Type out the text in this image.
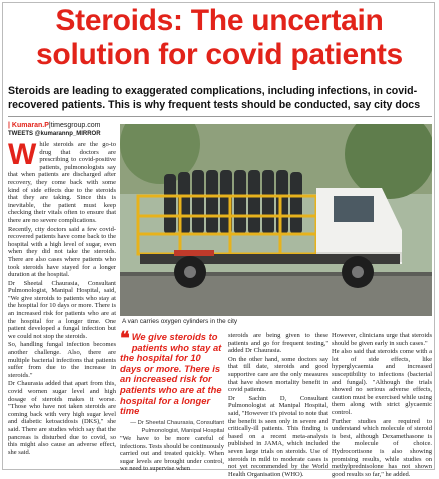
Steroids: The uncertain
solution for covid patients

Steroids are leading to exaggerated complications, including infections, in covid-recovered patients. This is why frequent tests should be conducted, say city docs

| Kumaran.P|timesgroup.com
TWEETS @kumarannp_MIRROR

While steroids are the go-to drug that doctors are prescribing to covid-positive patients, pulmonologists say that when patients are discharged after recovery, they come back with some kind of side effects due to the steroids that they are taking. Since this is inevitable, the patient must keep checking their vitals often to ensure that there are no severe complications.

Recently, city doctors said a few covid-recovered patients have come back to the hospital with a high level of sugar, even when they did not take the steroids. There are also cases where patients who took steroids have stayed for a longer duration at the hospital.

Dr Sheetal Chaurasia, Consultant Pulmonologist, Manipal Hospital, said, "We give steroids to patients who stay at the hospital for 10 days or more. There is an increased risk for patients who are at the hospital for a longer time. One patient developed a fungal infection but we could not stop the steroids.

So, handling fungal infection becomes another challenge. Also, there are multiple bacterial infections that patients suffer from due to the increase in steroids."

Dr Chaurasia added that apart from this, covid wornen sugar level and high dosage of steroids makes it worse. "Those who have not taken steroids are coming back with very high sugar level and diabetic ketoacidosis (DKS)," she said. There are studies which say that the pancreas is disturbed due to covid, so this might also cause an adverse effect, she said.

A van carries oxygen cylinders in the city
❝ We give steroids to patients who stay at the hospital for 10 days or more. There is an increased risk for patients who are at the hospital for a longer time
— Dr Sheetal Chaurasia, Consultant
Pulmonologist, Manipal Hospital

"We have to be more careful of infections. Tests should be continuously carried out and treated quickly. When sugar levels are brought under control, we need to supervise when

steroids are being given to these patients and go for frequent testing," added Dr Chaurasia.

On the other hand, some doctors say that till date, steroids and good supportive care are the only measures that have shown mortality benefit in covid patients.

Dr Sachin D, Consultant Pulmonologist at Manipal Hospital, said, "However it's pivotal to note that the benefit is seen only in severe and critically-ill patients. This finding is based on a recent meta-analysis published in JAMA, which included seven large trials on steroids. Use of steroids in mild to moderate cases is not yet recommended by the World Health Organisation (WHO).

However, clinicians urge that steroids should be given early in such cases."

He also said that steroids come with a lot of side effects, like hyperglycaemia and increased susceptibility to infections (bacterial and fungal). "Although the trials showed no serious adverse effects, caution must be exercised while using them along with strict glycaemic control.

Further studies are required to understand which molecule of steroid is best, although Dexamethasone is the molecule of choice. Hydrocortisone is also showing promising results, while studies on methylprednisolone has not shown good results so far," he added.
